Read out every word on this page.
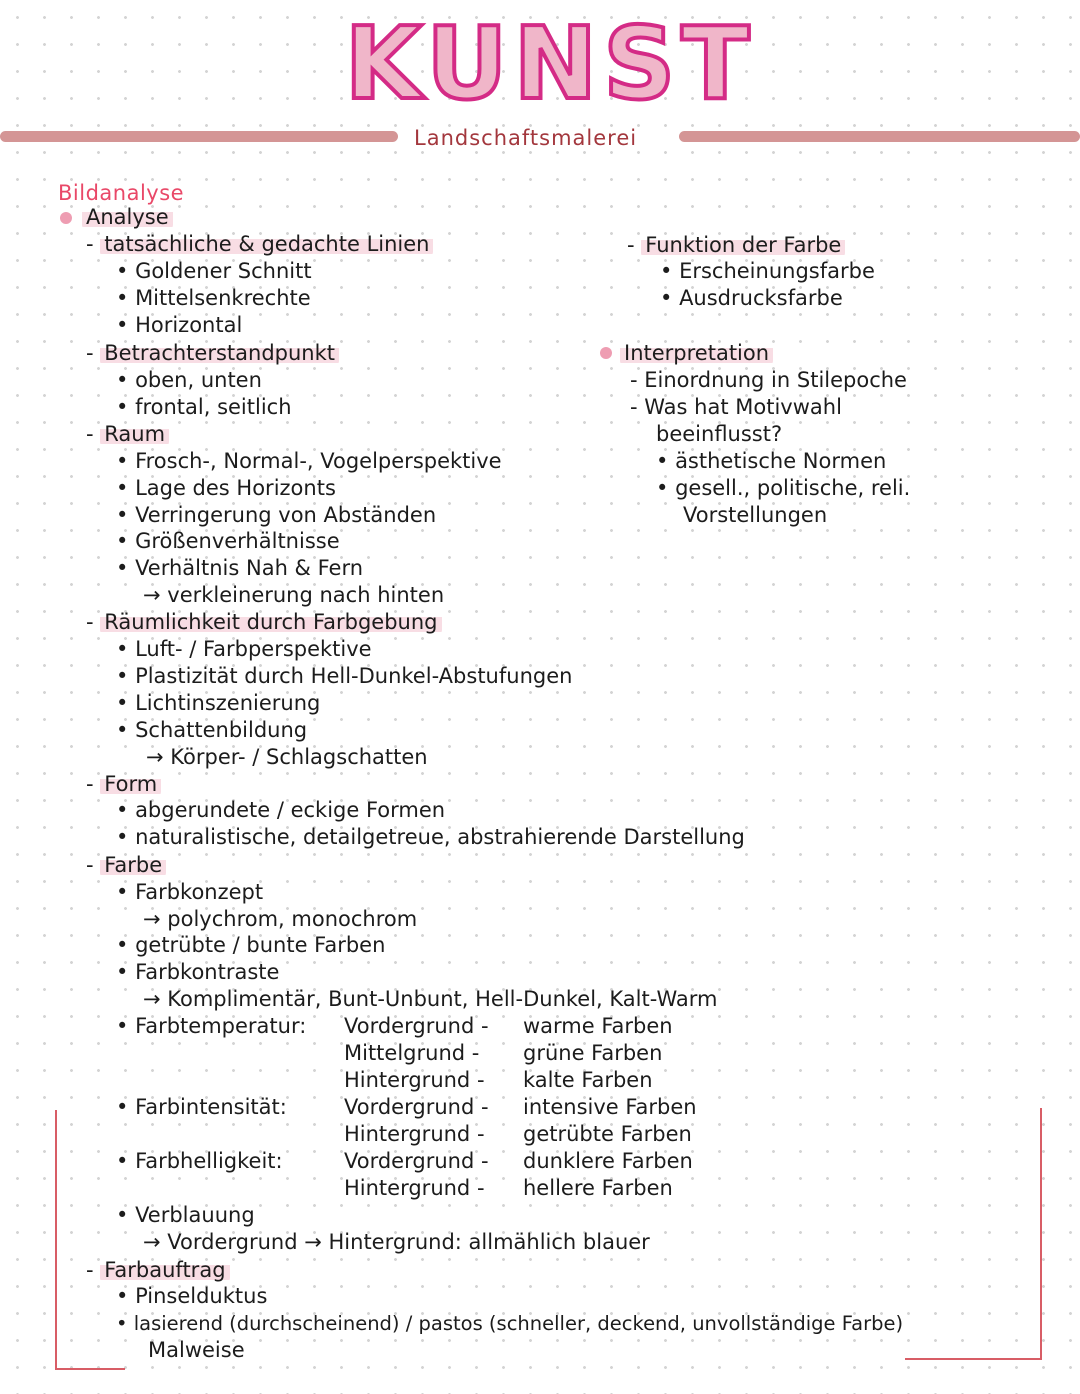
KUNST
Landschaftsmalerei
Bildanalyse
Analyse
- tatsächliche & gedachte Linien
• Goldener Schnitt
• Mittelsenkrechte
• Horizontal
- Betrachterstandpunkt
• oben, unten
• frontal, seitlich
- Raum
• Frosch-, Normal-, Vogelperspektive
• Lage des Horizonts
• Verringerung von Abständen
• Größenverhältnisse
• Verhältnis Nah & Fern
→ verkleinerung nach hinten
- Räumlichkeit durch Farbgebung
• Luft- / Farbperspektive
• Plastizität durch Hell-Dunkel-Abstufungen
• Lichtinszenierung
• Schattenbildung
→ Körper- / Schlagschatten
- Form
• abgerundete / eckige Formen
• naturalistische, detailgetreue, abstrahierende Darstellung
- Farbe
• Farbkonzept
→ polychrom, monochrom
• getrübte / bunte Farben
• Farbkontraste
→ Komplimentär, Bunt-Unbunt, Hell-Dunkel, Kalt-Warm
• Farbtemperatur: Vordergrund - warme Farben
Mittelgrund - grüne Farben
Hintergrund - kalte Farben
• Farbintensität:	Vordergrund - intensive Farben
Hintergrund - getrübte Farben
• Farbhelligkeit:	Vordergrund - dunklere Farben
Hintergrund - hellere Farben
• Verblauung
→ Vordergrund → Hintergrund: allmählich blauer
- Farbauftrag
• Pinselduktus
• lasierend (durchscheinend) / pastos (schneller, deckend, unvollständige Farbe)
Malweise
- Funktion der Farbe
• Erscheinungsfarbe
• Ausdrucksfarbe
Interpretation
- Einordnung in Stilepoche
- Was hat Motivwahl
beeinflusst?
• ästhetische Normen
• gesell., politische, reli.
Vorstellungen
